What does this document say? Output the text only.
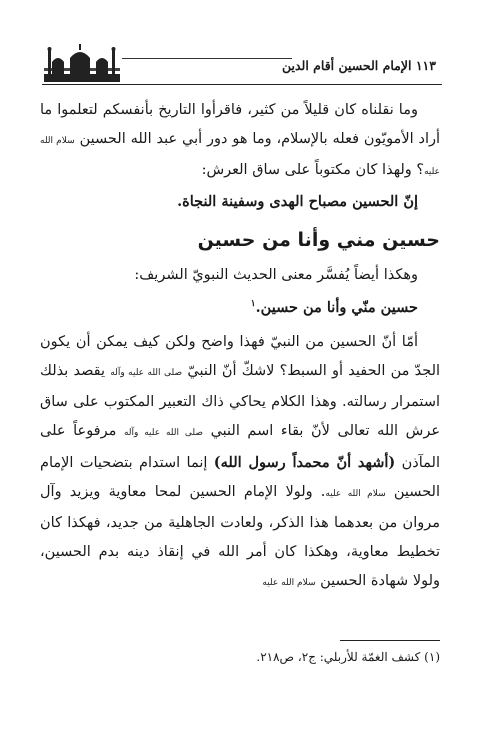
١١٣ الإمام الحسين أقام الدين

وما نقلناه كان قليلاً من كثير، فاقرأوا التاريخ بأنفسكم لتعلموا ما أراد الأمويّون فعله بالإسلام، وما هو دور أبي عبد الله الحسين سلام الله عليه؟ ولهذا كان مكتوباً على ساق العرش:

إنّ الحسين مصباح الهدى وسفينة النجاة.

حسين مني وأنا من حسين

وهكذا أيضاً يُفسَّر معنى الحديث النبويّ الشريف:

حسين منّي وأنا من حسين.$^١$

أمّا أنّ الحسين من النبيّ فهذا واضح ولكن كيف يمكن أن يكون الجدّ من الحفيد أو السبط؟ لاشكّ أنّ النبيّ صلى الله عليه وآله يقصد بذلك استمرار رسالته. وهذا الكلام يحاكي ذاك التعبير المكتوب على ساق عرش الله تعالى لأنّ بقاء اسم النبي صلى الله عليه وآله مرفوعاً على المآذن (أشهد أنّ محمداً رسول الله) إنما استدام بتضحيات الإمام الحسين سلام الله عليه. ولولا الإمام الحسين لمحا معاوية ويزيد وآل مروان من بعدهما هذا الذكر، ولعادت الجاهلية من جديد، فهكذا كان تخطيط معاوية، وهكذا كان أمر الله في إنقاذ دينه بدم الحسين، ولولا شهادة الحسين سلام الله عليه

(١) كشف الغمّة للأربلي: ج٢، ص٢١٨.
